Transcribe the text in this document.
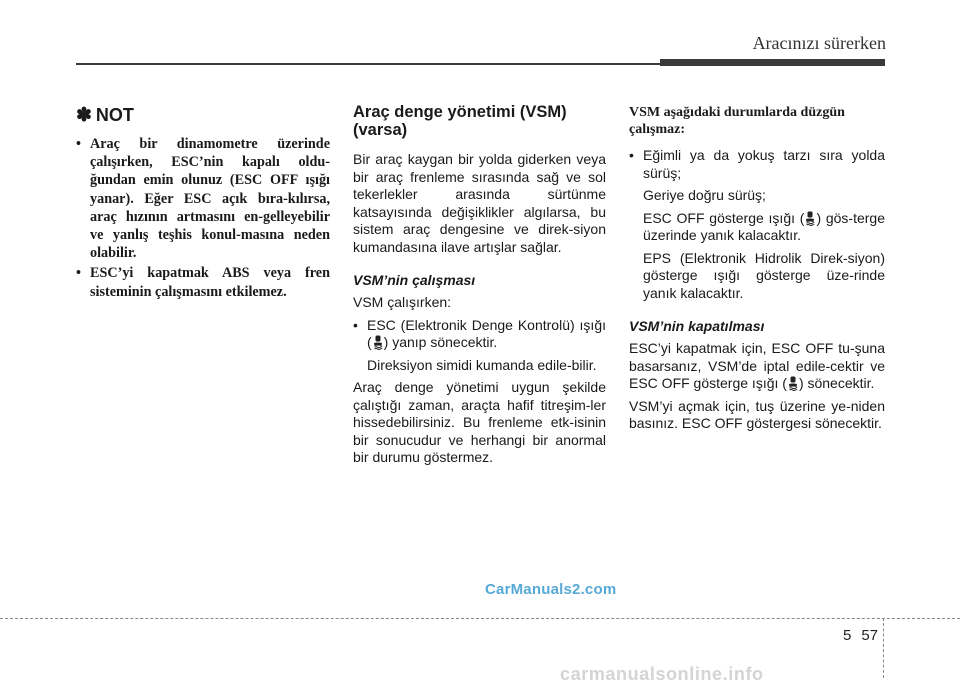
Aracınızı sürerken
✽ NOT
• Araç bir dinamometre üzerinde çalışırken, ESC’nin kapalı oldu-ğundan emin olunuz (ESC OFF ışığı yanar). Eğer ESC açık bıra-kılırsa, araç hızının artmasını en-gelleyebilir ve yanlış teşhis konul-masına neden olabilir.
• ESC’yi kapatmak ABS veya fren sisteminin çalışmasını etkilemez.
Araç denge yönetimi (VSM) (varsa)

Bir araç kaygan bir yolda giderken veya bir araç frenleme sırasında sağ ve sol tekerlekler arasında sürtünme katsayısında değişiklikler algılarsa, bu sistem araç dengesine ve direk-siyon kumandasına ilave artışlar sağlar.

VSM’nin çalışması

VSM çalışırken:

• ESC (Elektronik Denge Kontrolü) ışığı ( ) yanıp sönecektir.

Direksiyon simidi kumanda edile-bilir.

Araç denge yönetimi uygun şekilde çalıştığı zaman, araçta hafif titreşim-ler hissedebilirsiniz. Bu frenleme etk-isinin bir sonucudur ve herhangi bir anormal bir durumu göstermez.

VSM aşağıdaki durumlarda düzgün çalışmaz:

• Eğimli ya da yokuş tarzı sıra yolda sürüş;

Geriye doğru sürüş;

ESC OFF gösterge ışığı ( ) gös-terge üzerinde yanık kalacaktır.

EPS (Elektronik Hidrolik Direk-siyon) gösterge ışığı gösterge üze-rinde yanık kalacaktır.

VSM’nin kapatılması

ESC’yi kapatmak için, ESC OFF tu-şuna basarsanız, VSM’de iptal edile-cektir ve ESC OFF gösterge ışığı ( ) sönecektir.

VSM’yi açmak için, tuş üzerine ye-niden basınız. ESC OFF göstergesi sönecektir.

CarManuals2.com
5 57
carmanualsonline.info
